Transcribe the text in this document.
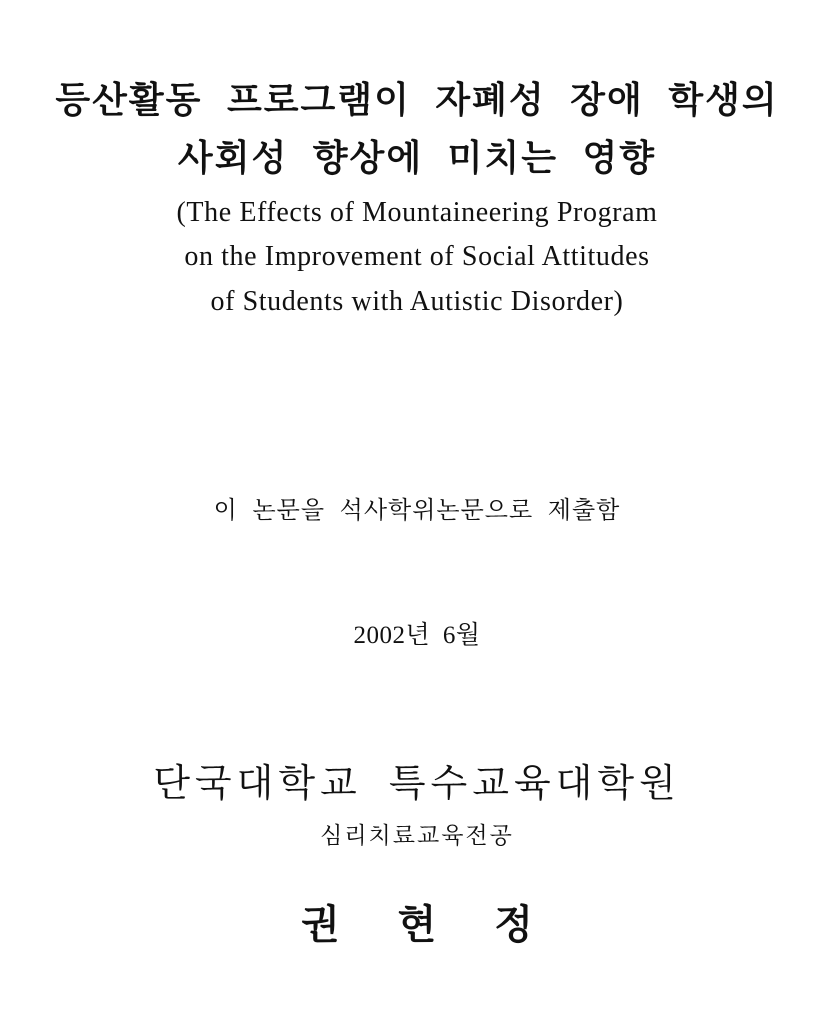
등산활동 프로그램이 자폐성 장애 학생의
사회성 향상에 미치는 영향
(The Effects of Mountaineering Program
on the Improvement of Social Attitudes
of Students with Autistic Disorder)
이 논문을 석사학위논문으로 제출함
2002년 6월
단국대학교 특수교육대학원
심리치료교육전공
권 현 정
